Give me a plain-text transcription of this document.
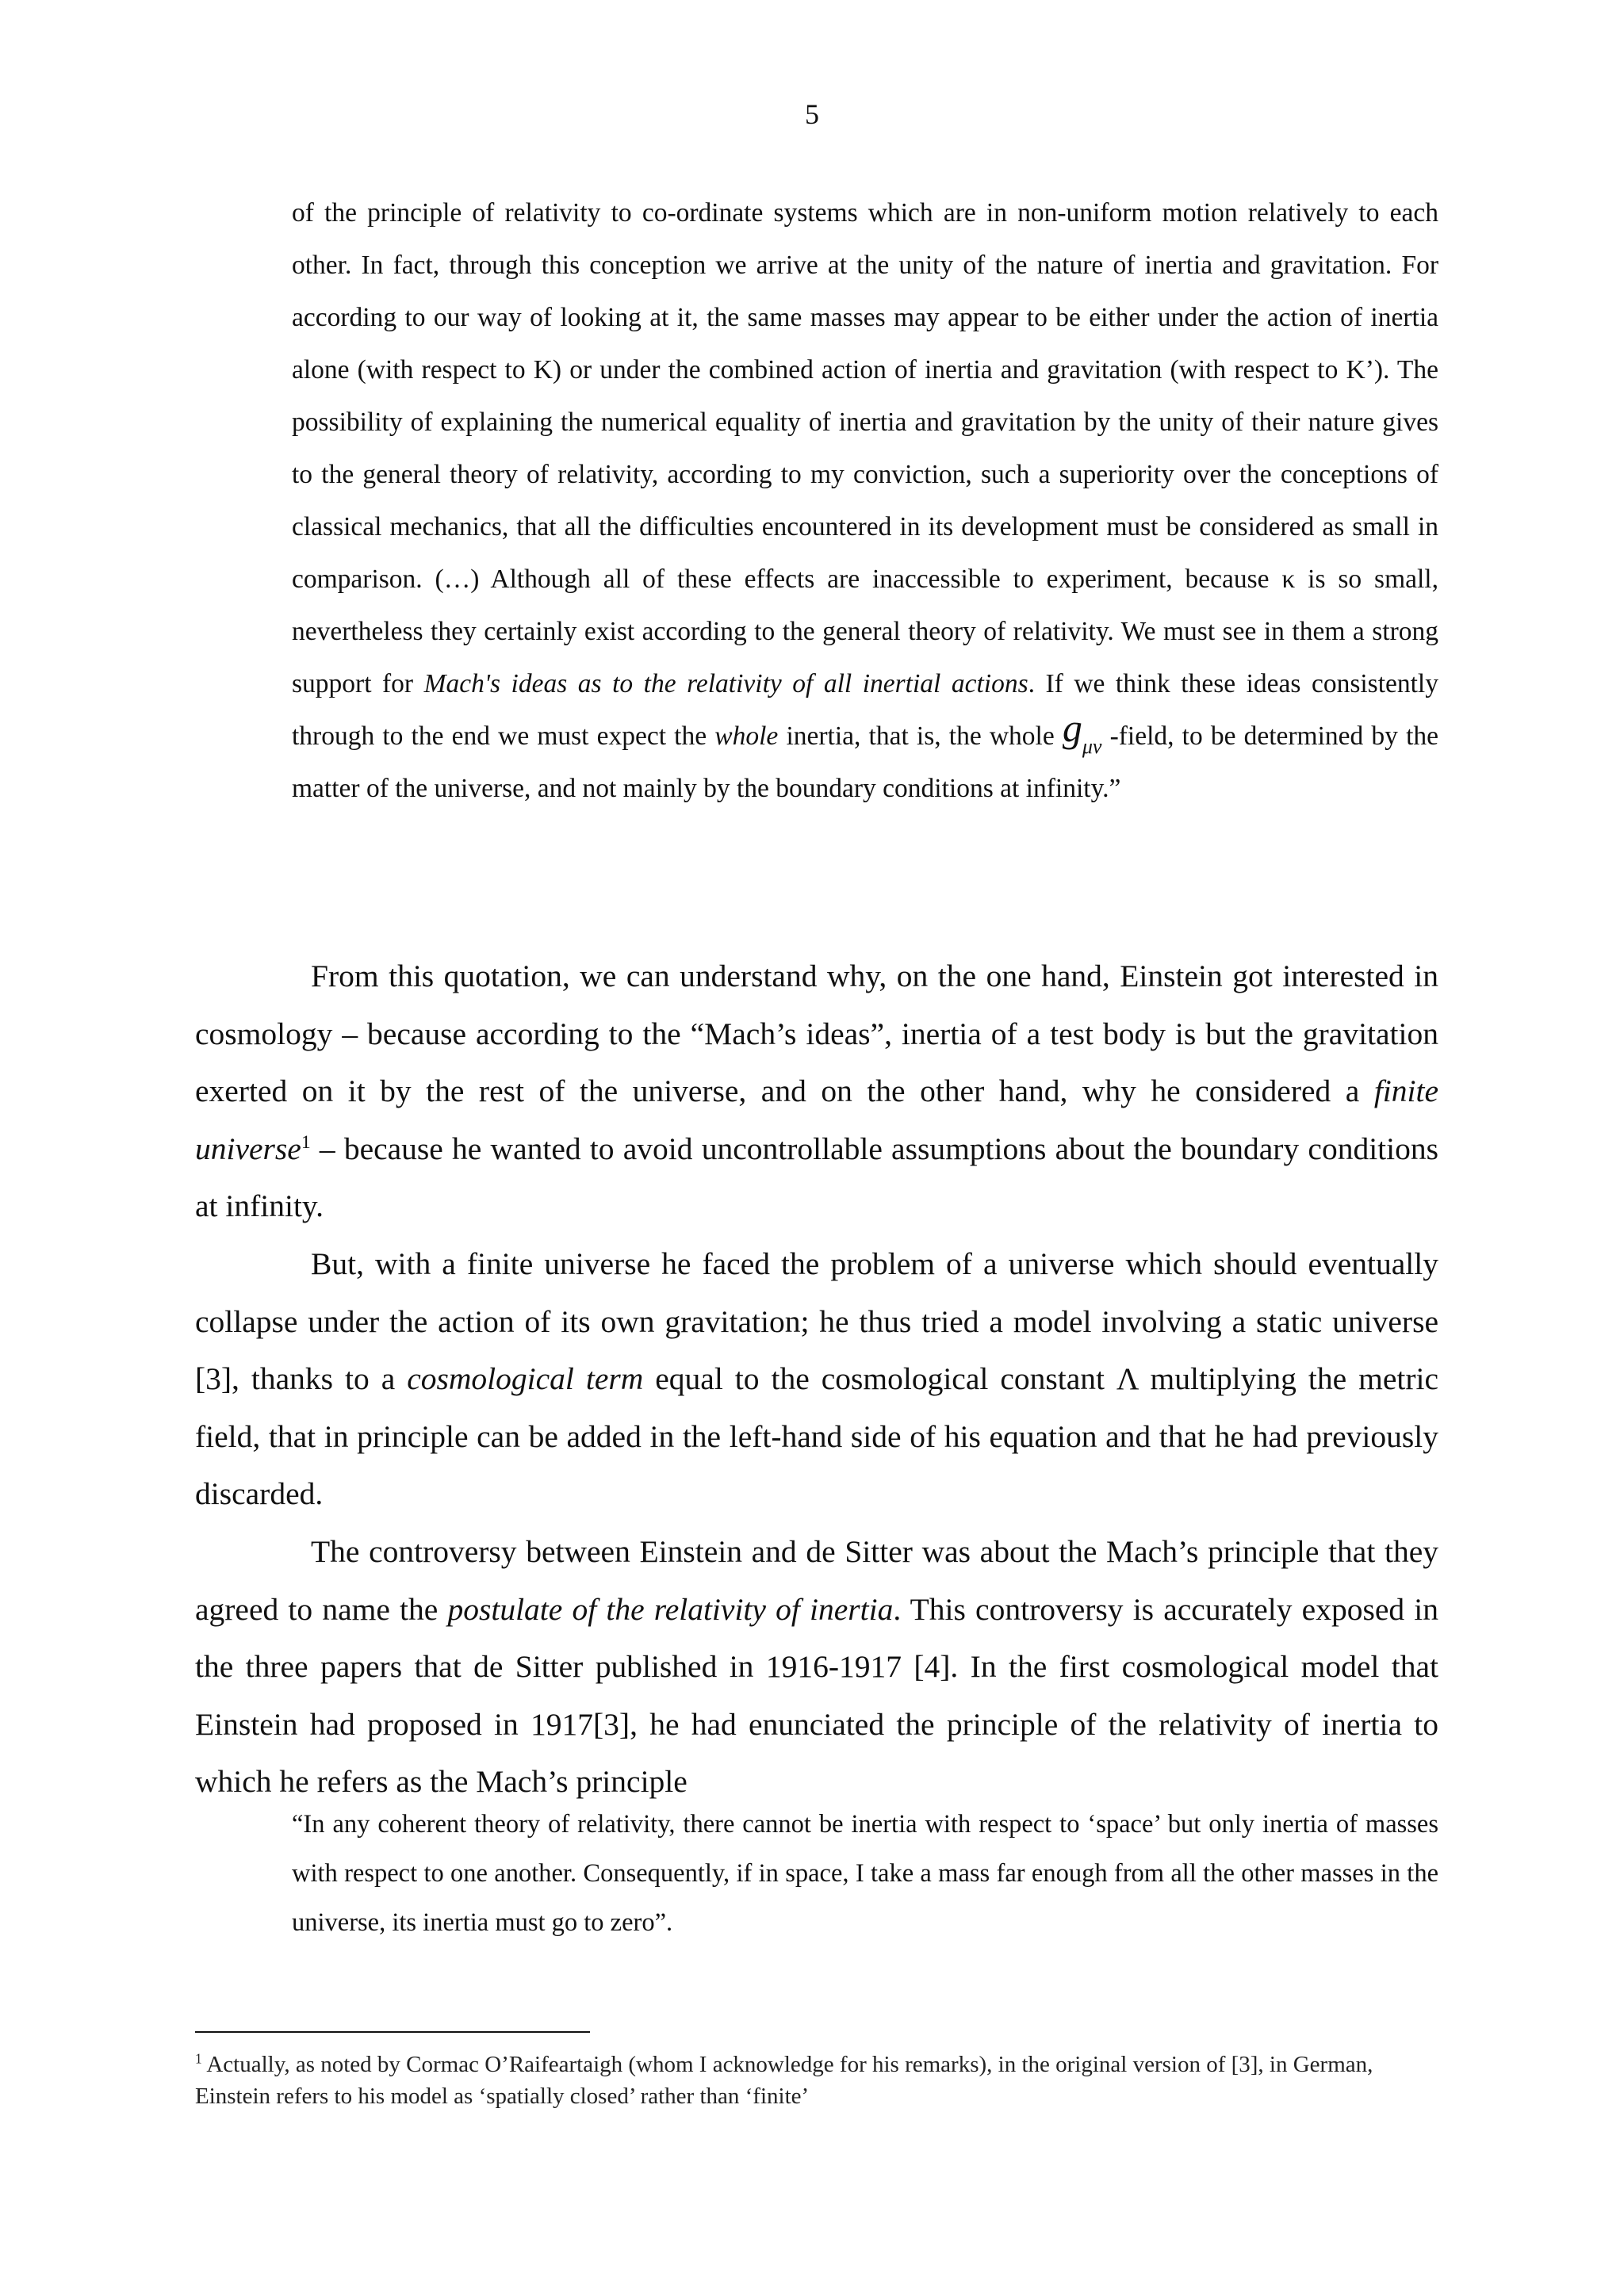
5

of the principle of relativity to co-ordinate systems which are in non-uniform motion relatively to each other. In fact, through this conception we arrive at the unity of the nature of inertia and gravitation. For according to our way of looking at it, the same masses may appear to be either under the action of inertia alone (with respect to K) or under the combined action of inertia and gravitation (with respect to K’). The possibility of explaining the numerical equality of inertia and gravitation by the unity of their nature gives to the general theory of relativity, according to my conviction, such a superiority over the conceptions of classical mechanics, that all the difficulties encountered in its development must be considered as small in comparison. (…) Although all of these effects are inaccessible to experiment, because κ is so small, nevertheless they certainly exist according to the general theory of relativity. We must see in them a strong support for Mach's ideas as to the relativity of all inertial actions. If we think these ideas consistently through to the end we must expect the whole inertia, that is, the whole $g_{\mu\nu}$ -field, to be determined by the matter of the universe, and not mainly by the boundary conditions at infinity.”

From this quotation, we can understand why, on the one hand, Einstein got interested in cosmology – because according to the “Mach’s ideas”, inertia of a test body is but the gravitation exerted on it by the rest of the universe, and on the other hand, why he considered a finite universe$^1$ – because he wanted to avoid uncontrollable assumptions about the boundary conditions at infinity.

But, with a finite universe he faced the problem of a universe which should eventually collapse under the action of its own gravitation; he thus tried a model involving a static universe [3], thanks to a cosmological term equal to the cosmological constant Λ multiplying the metric field, that in principle can be added in the left-hand side of his equation and that he had previously discarded.

The controversy between Einstein and de Sitter was about the Mach’s principle that they agreed to name the postulate of the relativity of inertia. This controversy is accurately exposed in the three papers that de Sitter published in 1916-1917 [4]. In the first cosmological model that Einstein had proposed in 1917[3], he had enunciated the principle of the relativity of inertia to which he refers as the Mach’s principle

“In any coherent theory of relativity, there cannot be inertia with respect to ‘space’ but only inertia of masses with respect to one another. Consequently, if in space, I take a mass far enough from all the other masses in the universe, its inertia must go to zero”.

$^1$ Actually, as noted by Cormac O’Raifeartaigh (whom I acknowledge for his remarks), in the original version of [3], in German, Einstein refers to his model as ‘spatially closed’ rather than ‘finite’
